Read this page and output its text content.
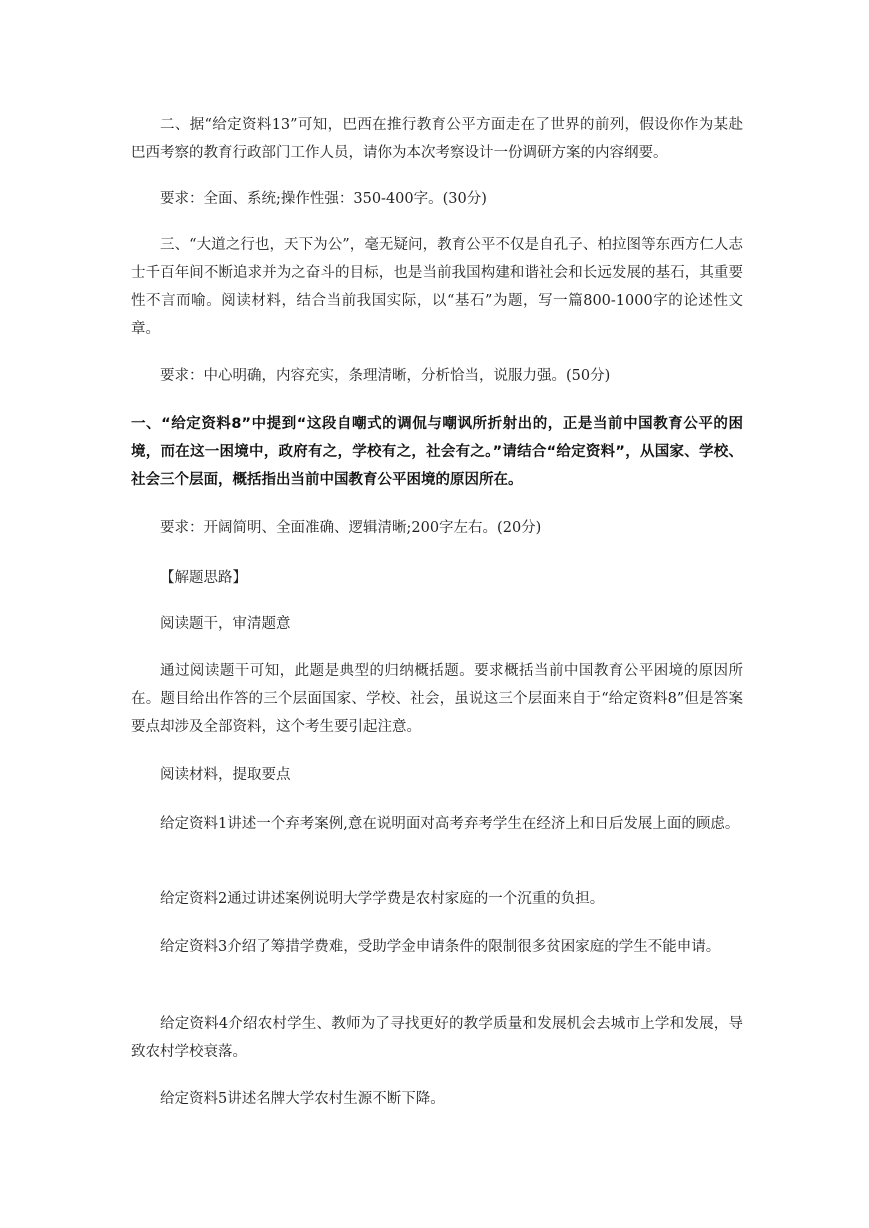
二、据“给定资料13”可知，巴西在推行教育公平方面走在了世界的前列，假设你作为某赴巴西考察的教育行政部门工作人员，请你为本次考察设计一份调研方案的内容纲要。

要求：全面、系统;操作性强：350-400字。(30分)

三、“大道之行也，天下为公”，毫无疑问，教育公平不仅是自孔子、柏拉图等东西方仁人志士千百年间不断追求并为之奋斗的目标，也是当前我国构建和谐社会和长远发展的基石，其重要性不言而喻。阅读材料，结合当前我国实际，以“基石”为题，写一篇800-1000字的论述性文章。

要求：中心明确，内容充实，条理清晰，分析恰当，说服力强。(50分)

一、“给定资料8”中提到“这段自嘲式的调侃与嘲讽所折射出的，正是当前中国教育公平的困境，而在这一困境中，政府有之，学校有之，社会有之。”请结合“给定资料”，从国家、学校、社会三个层面，概括指出当前中国教育公平困境的原因所在。

要求：开阔简明、全面准确、逻辑清晰;200字左右。(20分)

【解题思路】

阅读题干，审清题意

通过阅读题干可知，此题是典型的归纳概括题。要求概括当前中国教育公平困境的原因所在。题目给出作答的三个层面国家、学校、社会，虽说这三个层面来自于“给定资料8”但是答案要点却涉及全部资料，这个考生要引起注意。

阅读材料，提取要点

给定资料1讲述一个弃考案例,意在说明面对高考弃考学生在经济上和日后发展上面的顾虑。

给定资料2通过讲述案例说明大学学费是农村家庭的一个沉重的负担。

给定资料3介绍了筹措学费难，受助学金申请条件的限制很多贫困家庭的学生不能申请。

给定资料4介绍农村学生、教师为了寻找更好的教学质量和发展机会去城市上学和发展，导致农村学校衰落。

给定资料5讲述名牌大学农村生源不断下降。
